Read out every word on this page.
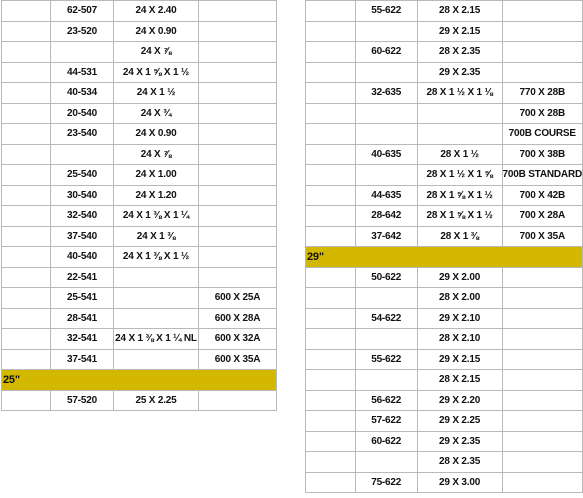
	62-507	24 X 2.40	
	23-520	24 X 0.90	
		24 X ⅞	
	44-531	24 X 1 ⅝ X 1 ½	
	40-534	24 X 1 ½	
	20-540	24 X ¾	
	23-540	24 X 0.90	
		24 X ⅞	
	25-540	24 X 1.00	
	30-540	24 X 1.20	
	32-540	24 X 1 ⅜ X 1 ¼	
	37-540	24 X 1 ⅜	
	40-540	24 X 1 ⅜ X 1 ½	
	22-541		
	25-541		600 X 25A
	28-541		600 X 28A
	32-541	24 X 1 ⅜ X 1 ¼ NL	600 X 32A
	37-541		600 X 35A
25"			
	57-520	25 X 2.25	
	55-622	28 X 2.15	
		29 X 2.15	
	60-622	28 X 2.35	
		29 X 2.35	
	32-635	28 X 1 ½ X 1 ⅛	770 X 28B
			700 X 28B
			700B COURSE
	40-635	28 X 1 ½	700 X 38B
		28 X 1 ½ X 1 ⅝	700B STANDARD
	44-635	28 X 1 ⅝ X 1 ½	700 X 42B
	28-642	28 X 1 ⅝ X 1 ½	700 X 28A
	37-642	28 X 1 ⅜	700 X 35A
29"			
	50-622	29 X 2.00	
		28 X 2.00	
	54-622	29 X 2.10	
		28 X 2.10	
	55-622	29 X 2.15	
		28 X 2.15	
	56-622	29 X 2.20	
	57-622	29 X 2.25	
	60-622	29 X 2.35	
		28 X 2.35	
	75-622	29 X 3.00	
